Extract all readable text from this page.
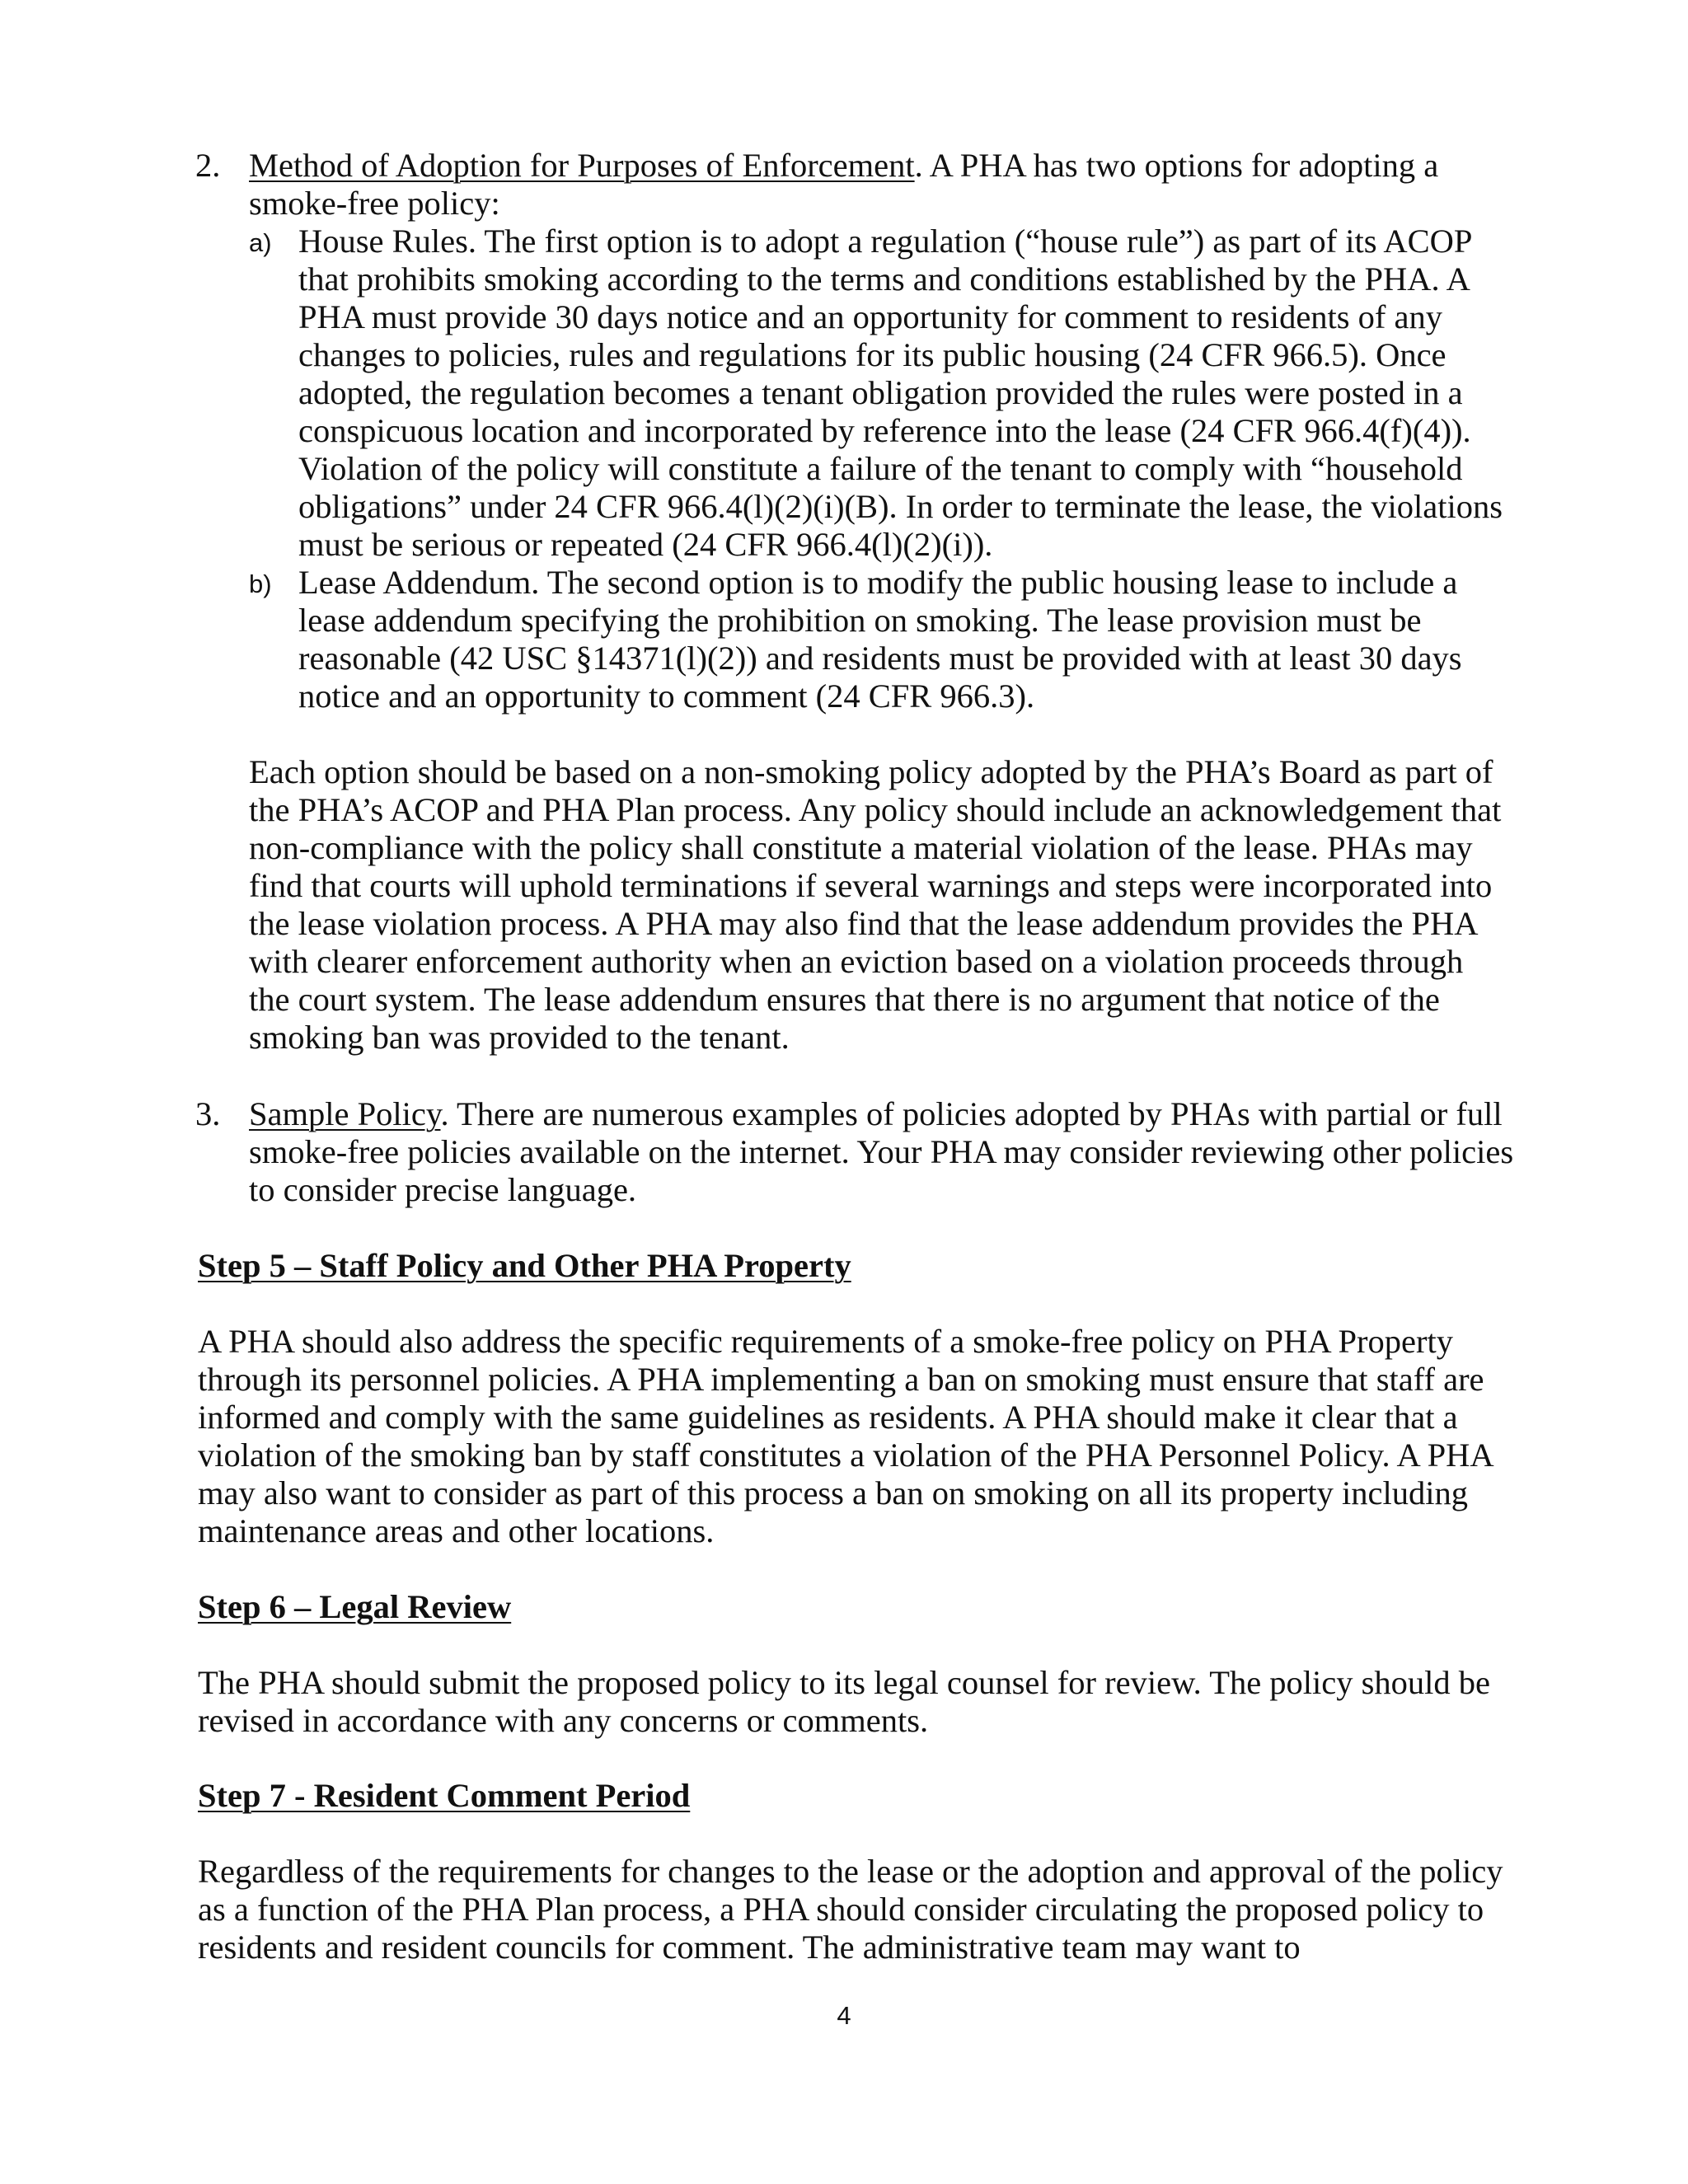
2. Method of Adoption for Purposes of Enforcement. A PHA has two options for adopting a smoke-free policy:
a) House Rules. The first option is to adopt a regulation (“house rule”) as part of its ACOP that prohibits smoking according to the terms and conditions established by the PHA. A PHA must provide 30 days notice and an opportunity for comment to residents of any changes to policies, rules and regulations for its public housing (24 CFR 966.5). Once adopted, the regulation becomes a tenant obligation provided the rules were posted in a conspicuous location and incorporated by reference into the lease (24 CFR 966.4(f)(4)). Violation of the policy will constitute a failure of the tenant to comply with “household obligations” under 24 CFR 966.4(l)(2)(i)(B). In order to terminate the lease, the violations must be serious or repeated (24 CFR 966.4(l)(2)(i)).
b) Lease Addendum. The second option is to modify the public housing lease to include a lease addendum specifying the prohibition on smoking. The lease provision must be reasonable (42 USC §14371(l)(2)) and residents must be provided with at least 30 days notice and an opportunity to comment (24 CFR 966.3).
Each option should be based on a non-smoking policy adopted by the PHA’s Board as part of the PHA’s ACOP and PHA Plan process. Any policy should include an acknowledgement that non-compliance with the policy shall constitute a material violation of the lease. PHAs may find that courts will uphold terminations if several warnings and steps were incorporated into the lease violation process. A PHA may also find that the lease addendum provides the PHA with clearer enforcement authority when an eviction based on a violation proceeds through the court system. The lease addendum ensures that there is no argument that notice of the smoking ban was provided to the tenant.
3. Sample Policy. There are numerous examples of policies adopted by PHAs with partial or full smoke-free policies available on the internet. Your PHA may consider reviewing other policies to consider precise language.
Step 5 – Staff Policy and Other PHA Property
A PHA should also address the specific requirements of a smoke-free policy on PHA Property through its personnel policies. A PHA implementing a ban on smoking must ensure that staff are informed and comply with the same guidelines as residents. A PHA should make it clear that a violation of the smoking ban by staff constitutes a violation of the PHA Personnel Policy. A PHA may also want to consider as part of this process a ban on smoking on all its property including maintenance areas and other locations.
Step 6 – Legal Review
The PHA should submit the proposed policy to its legal counsel for review. The policy should be revised in accordance with any concerns or comments.
Step 7 - Resident Comment Period
Regardless of the requirements for changes to the lease or the adoption and approval of the policy as a function of the PHA Plan process, a PHA should consider circulating the proposed policy to residents and resident councils for comment. The administrative team may want to
4
